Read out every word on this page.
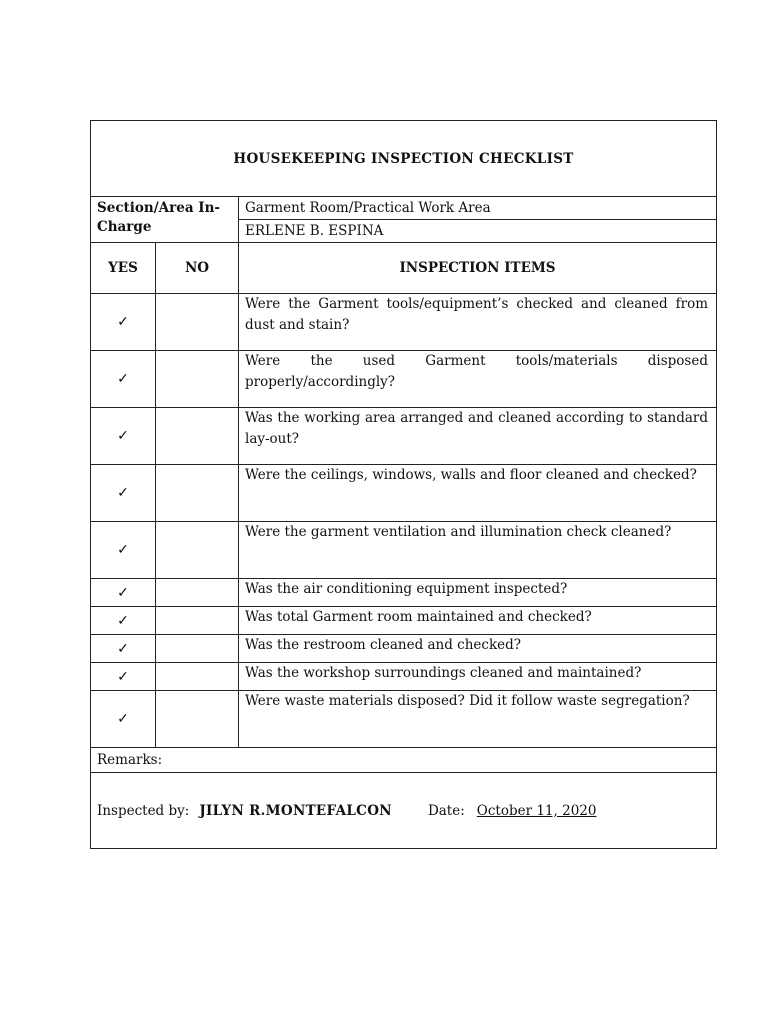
HOUSEKEEPING INSPECTION CHECKLIST		
Section/Area In-Charge		Garment Room/Practical Work Area
		ERLENE B. ESPINA
YES	NO	INSPECTION ITEMS
✓		Were the Garment tools/equipment’s checked and cleaned from dust and stain?
✓		Were the used Garment tools/materials disposed properly/accordingly?
✓		Was the working area arranged and cleaned according to standard lay-out?
✓		Were the ceilings, windows, walls and floor cleaned and checked?
✓		Were the garment ventilation and illumination check cleaned?
✓		Was the air conditioning equipment inspected?
✓		Was total Garment room maintained and checked?
✓		Was the restroom cleaned and checked?
✓		Was the workshop surroundings cleaned and maintained?
✓		Were waste materials disposed? Did it follow waste segregation?
Remarks:		

Inspected by: JILYN R.MONTEFALCON Date: October 11, 2020		
